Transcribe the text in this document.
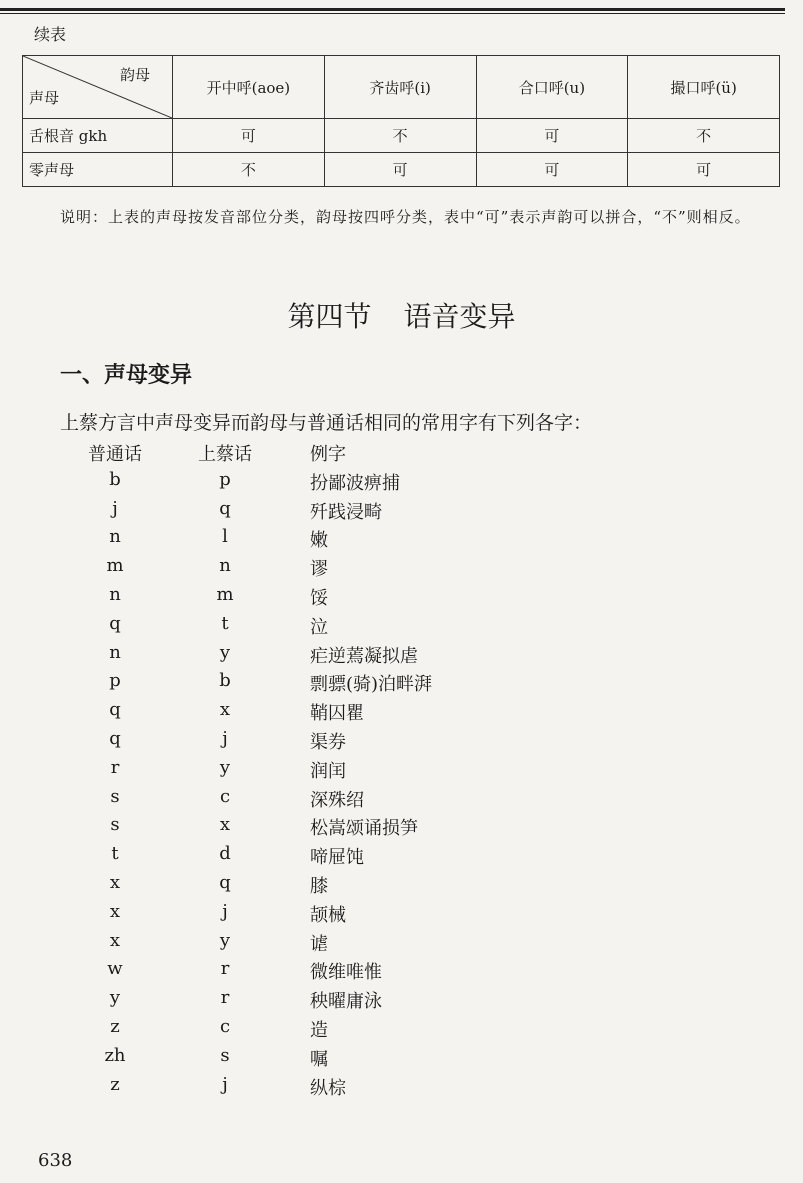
续表
韵母
声母	开中呼(aoe)	齐齿呼(i)	合口呼(u)	撮口呼(ü)
舌根音 gkh	可	不	可	不
零声母	不	可	可	可
说明：上表的声母按发音部位分类，韵母按四呼分类，表中“可”表示声韵可以拼合，“不”则相反。
第四节 语音变异
一、声母变异
上蔡方言中声母变异而韵母与普通话相同的常用字有下列各字：
普通话	上蔡话	例字
b	p	扮鄙波痹捕
j	q	歼践浸畸
n	l	嫩
m	n	谬
n	m	馁
q	t	泣
n	y	疟逆蔫凝拟虐
p	b	剽骠(骑)泊畔湃
q	x	鞘囚瞿
q	j	渠券
r	y	润闰
s	c	深殊绍
s	x	松嵩颂诵损笋
t	d	啼屉饨
x	q	膝
x	j	颉械
x	y	谑
w	r	微维唯惟
y	r	秧曜庸泳
z	c	造
zh	s	嘱
z	j	纵棕
638
